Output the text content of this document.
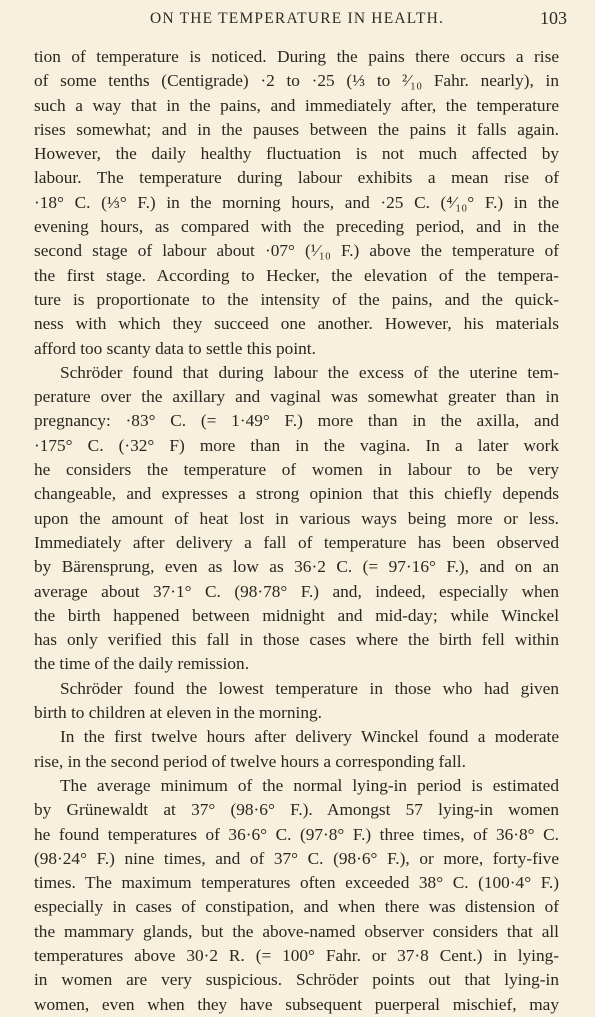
ON THE TEMPERATURE IN HEALTH.	103
tion of temperature is noticed. During the pains there occurs a rise
of some tenths (Centigrade) ·2 to ·25 (⅓ to ²⁄₁₀ Fahr. nearly), in
such a way that in the pains, and immediately after, the temperature
rises somewhat; and in the pauses between the pains it falls again.
However, the daily healthy fluctuation is not much affected by
labour. The temperature during labour exhibits a mean rise of
·18° C. (⅓° F.) in the morning hours, and ·25 C. (⁴⁄₁₀° F.) in the
evening hours, as compared with the preceding period, and in the
second stage of labour about ·07° (¹⁄₁₀ F.) above the temperature of
the first stage. According to Hecker, the elevation of the tempera-
ture is proportionate to the intensity of the pains, and the quick-
ness with which they succeed one another. However, his materials
afford too scanty data to settle this point.
Schröder found that during labour the excess of the uterine tem-
perature over the axillary and vaginal was somewhat greater than in
pregnancy: ·83° C. (= 1·49° F.) more than in the axilla, and
·175° C. (·32° F) more than in the vagina. In a later work
he considers the temperature of women in labour to be very
changeable, and expresses a strong opinion that this chiefly depends
upon the amount of heat lost in various ways being more or less.
Immediately after delivery a fall of temperature has been observed
by Bärensprung, even as low as 36·2 C. (= 97·16° F.), and on an
average about 37·1° C. (98·78° F.) and, indeed, especially when
the birth happened between midnight and mid-day; while Winckel
has only verified this fall in those cases where the birth fell within
the time of the daily remission.
Schröder found the lowest temperature in those who had given
birth to children at eleven in the morning.
In the first twelve hours after delivery Winckel found a moderate
rise, in the second period of twelve hours a corresponding fall.
The average minimum of the normal lying-in period is estimated
by Grünewaldt at 37° (98·6° F.). Amongst 57 lying-in women
he found temperatures of 36·6° C. (97·8° F.) three times, of 36·8° C.
(98·24° F.) nine times, and of 37° C. (98·6° F.), or more, forty-five
times. The maximum temperatures often exceeded 38° C. (100·4° F.)
especially in cases of constipation, and when there was distension of
the mammary glands, but the above-named observer considers that all
temperatures above 30·2 R. (= 100° Fahr. or 37·8 Cent.) in lying-
in women are very suspicious. Schröder points out that lying-in
women, even when they have subsequent puerperal mischief, may
